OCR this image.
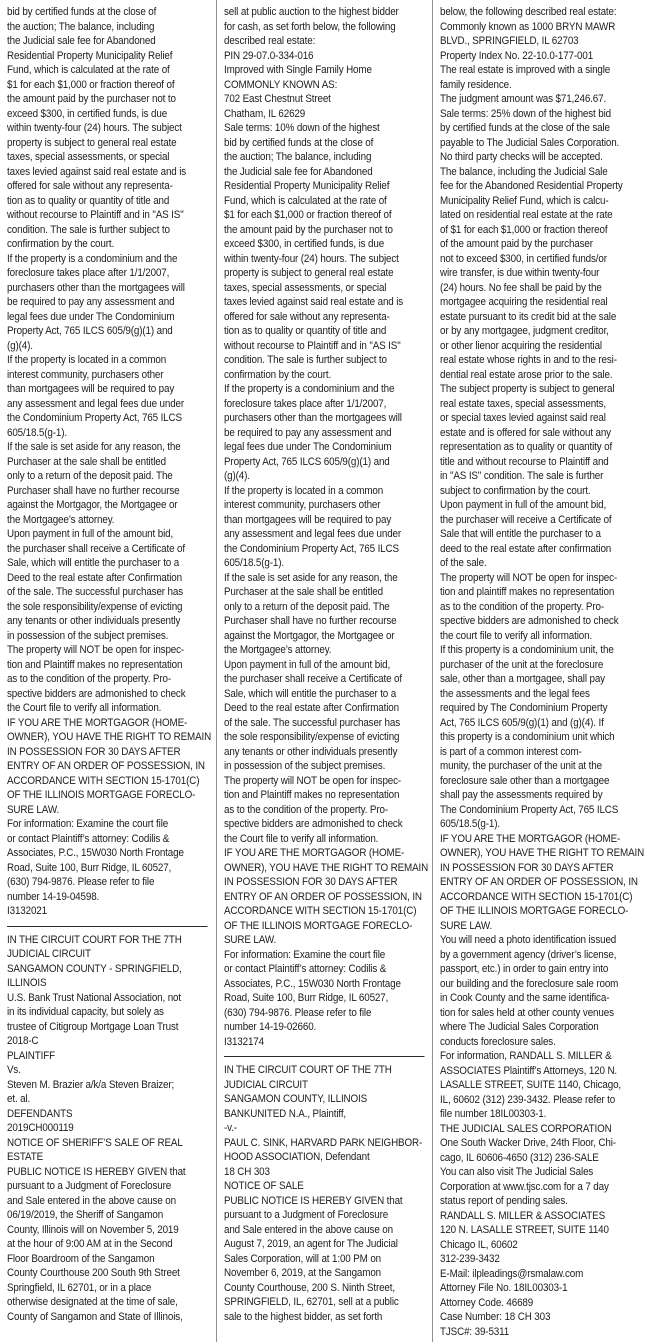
bid by certified funds at the close of
the auction; The balance, including
the Judicial sale fee for Abandoned
Residential Property Municipality Relief
Fund, which is calculated at the rate of
$1 for each $1,000 or fraction thereof of
the amount paid by the purchaser not to
exceed $300, in certified funds, is due
within twenty-four (24) hours. The subject
property is subject to general real estate
taxes, special assessments, or special
taxes levied against said real estate and is
offered for sale without any representa-
tion as to quality or quantity of title and
without recourse to Plaintiff and in "AS IS"
condition. The sale is further subject to
confirmation by the court.
If the property is a condominium and the
foreclosure takes place after 1/1/2007,
purchasers other than the mortgagees will
be required to pay any assessment and
legal fees due under The Condominium
Property Act, 765 ILCS 605/9(g)(1) and
(g)(4).
If the property is located in a common
interest community, purchasers other
than mortgagees will be required to pay
any assessment and legal fees due under
the Condominium Property Act, 765 ILCS
605/18.5(g-1).
If the sale is set aside for any reason, the
Purchaser at the sale shall be entitled
only to a return of the deposit paid. The
Purchaser shall have no further recourse
against the Mortgagor, the Mortgagee or
the Mortgagee’s attorney.
Upon payment in full of the amount bid,
the purchaser shall receive a Certificate of
Sale, which will entitle the purchaser to a
Deed to the real estate after Confirmation
of the sale. The successful purchaser has
the sole responsibility/expense of evicting
any tenants or other individuals presently
in possession of the subject premises.
The property will NOT be open for inspec-
tion and Plaintiff makes no representation
as to the condition of the property. Pro-
spective bidders are admonished to check
the Court file to verify all information.
IF YOU ARE THE MORTGAGOR (HOME-
OWNER), YOU HAVE THE RIGHT TO REMAIN
IN POSSESSION FOR 30 DAYS AFTER
ENTRY OF AN ORDER OF POSSESSION, IN
ACCORDANCE WITH SECTION 15-1701(C)
OF THE ILLINOIS MORTGAGE FORECLO-
SURE LAW.
For information: Examine the court file
or contact Plaintiff’s attorney: Codilis &
Associates, P.C., 15W030 North Frontage
Road, Suite 100, Burr Ridge, IL 60527,
(630) 794-9876. Please refer to file
number 14-19-04598.
I3132021
IN THE CIRCUIT COURT FOR THE 7TH
JUDICIAL CIRCUIT
SANGAMON COUNTY - SPRINGFIELD,
ILLINOIS
U.S. Bank Trust National Association, not
in its individual capacity, but solely as
trustee of Citigroup Mortgage Loan Trust
2018-C
PLAINTIFF
Vs.
Steven M. Brazier a/k/a Steven Braizer;
et. al.
DEFENDANTS
2019CH000119
NOTICE OF SHERIFF’S SALE OF REAL
ESTATE
PUBLIC NOTICE IS HEREBY GIVEN that
pursuant to a Judgment of Foreclosure
and Sale entered in the above cause on
06/19/2019, the Sheriff of Sangamon
County, Illinois will on November 5, 2019
at the hour of 9:00 AM at in the Second
Floor Boardroom of the Sangamon
County Courthouse 200 South 9th Street
Springfield, IL 62701, or in a place
otherwise designated at the time of sale,
County of Sangamon and State of Illinois,
sell at public auction to the highest bidder
for cash, as set forth below, the following
described real estate:
PIN 29-07.0-334-016
Improved with Single Family Home
COMMONLY KNOWN AS:
702 East Chestnut Street
Chatham, IL 62629
Sale terms: 10% down of the highest
bid by certified funds at the close of
the auction; The balance, including
the Judicial sale fee for Abandoned
Residential Property Municipality Relief
Fund, which is calculated at the rate of
$1 for each $1,000 or fraction thereof of
the amount paid by the purchaser not to
exceed $300, in certified funds, is due
within twenty-four (24) hours. The subject
property is subject to general real estate
taxes, special assessments, or special
taxes levied against said real estate and is
offered for sale without any representa-
tion as to quality or quantity of title and
without recourse to Plaintiff and in "AS IS"
condition. The sale is further subject to
confirmation by the court.
If the property is a condominium and the
foreclosure takes place after 1/1/2007,
purchasers other than the mortgagees will
be required to pay any assessment and
legal fees due under The Condominium
Property Act, 765 ILCS 605/9(g)(1) and
(g)(4).
If the property is located in a common
interest community, purchasers other
than mortgagees will be required to pay
any assessment and legal fees due under
the Condominium Property Act, 765 ILCS
605/18.5(g-1).
If the sale is set aside for any reason, the
Purchaser at the sale shall be entitled
only to a return of the deposit paid. The
Purchaser shall have no further recourse
against the Mortgagor, the Mortgagee or
the Mortgagee’s attorney.
Upon payment in full of the amount bid,
the purchaser shall receive a Certificate of
Sale, which will entitle the purchaser to a
Deed to the real estate after Confirmation
of the sale. The successful purchaser has
the sole responsibility/expense of evicting
any tenants or other individuals presently
in possession of the subject premises.
The property will NOT be open for inspec-
tion and Plaintiff makes no representation
as to the condition of the property. Pro-
spective bidders are admonished to check
the Court file to verify all information.
IF YOU ARE THE MORTGAGOR (HOME-
OWNER), YOU HAVE THE RIGHT TO REMAIN
IN POSSESSION FOR 30 DAYS AFTER
ENTRY OF AN ORDER OF POSSESSION, IN
ACCORDANCE WITH SECTION 15-1701(C)
OF THE ILLINOIS MORTGAGE FORECLO-
SURE LAW.
For information: Examine the court file
or contact Plaintiff’s attorney: Codilis &
Associates, P.C., 15W030 North Frontage
Road, Suite 100, Burr Ridge, IL 60527,
(630) 794-9876. Please refer to file
number 14-19-02660.
I3132174
IN THE CIRCUIT COURT OF THE 7TH
JUDICIAL CIRCUIT
SANGAMON COUNTY, ILLINOIS
BANKUNITED N.A., Plaintiff,
-v.-
PAUL C. SINK, HARVARD PARK NEIGHBOR-
HOOD ASSOCIATION, Defendant
18 CH 303
NOTICE OF SALE
PUBLIC NOTICE IS HEREBY GIVEN that
pursuant to a Judgment of Foreclosure
and Sale entered in the above cause on
August 7, 2019, an agent for The Judicial
Sales Corporation, will at 1:00 PM on
November 6, 2019, at the Sangamon
County Courthouse, 200 S. Ninth Street,
SPRINGFIELD, IL, 62701, sell at a public
sale to the highest bidder, as set forth
below, the following described real estate:
Commonly known as 1000 BRYN MAWR
BLVD., SPRINGFIELD, IL 62703
Property Index No. 22-10.0-177-001
The real estate is improved with a single
family residence.
The judgment amount was $71,246.67.
Sale terms: 25% down of the highest bid
by certified funds at the close of the sale
payable to The Judicial Sales Corporation.
No third party checks will be accepted.
The balance, including the Judicial Sale
fee for the Abandoned Residential Property
Municipality Relief Fund, which is calcu-
lated on residential real estate at the rate
of $1 for each $1,000 or fraction thereof
of the amount paid by the purchaser
not to exceed $300, in certified funds/or
wire transfer, is due within twenty-four
(24) hours. No fee shall be paid by the
mortgagee acquiring the residential real
estate pursuant to its credit bid at the sale
or by any mortgagee, judgment creditor,
or other lienor acquiring the residential
real estate whose rights in and to the resi-
dential real estate arose prior to the sale.
The subject property is subject to general
real estate taxes, special assessments,
or special taxes levied against said real
estate and is offered for sale without any
representation as to quality or quantity of
title and without recourse to Plaintiff and
in "AS IS" condition. The sale is further
subject to confirmation by the court.
Upon payment in full of the amount bid,
the purchaser will receive a Certificate of
Sale that will entitle the purchaser to a
deed to the real estate after confirmation
of the sale.
The property will NOT be open for inspec-
tion and plaintiff makes no representation
as to the condition of the property. Pro-
spective bidders are admonished to check
the court file to verify all information.
If this property is a condominium unit, the
purchaser of the unit at the foreclosure
sale, other than a mortgagee, shall pay
the assessments and the legal fees
required by The Condominium Property
Act, 765 ILCS 605/9(g)(1) and (g)(4). If
this property is a condominium unit which
is part of a common interest com-
munity, the purchaser of the unit at the
foreclosure sale other than a mortgagee
shall pay the assessments required by
The Condominium Property Act, 765 ILCS
605/18.5(g-1).
IF YOU ARE THE MORTGAGOR (HOME-
OWNER), YOU HAVE THE RIGHT TO REMAIN
IN POSSESSION FOR 30 DAYS AFTER
ENTRY OF AN ORDER OF POSSESSION, IN
ACCORDANCE WITH SECTION 15-1701(C)
OF THE ILLINOIS MORTGAGE FORECLO-
SURE LAW.
You will need a photo identification issued
by a government agency (driver’s license,
passport, etc.) in order to gain entry into
our building and the foreclosure sale room
in Cook County and the same identifica-
tion for sales held at other county venues
where The Judicial Sales Corporation
conducts foreclosure sales.
For information, RANDALL S. MILLER &
ASSOCIATES Plaintiff’s Attorneys, 120 N.
LASALLE STREET, SUITE 1140, Chicago,
IL, 60602 (312) 239-3432. Please refer to
file number 18IL00303-1.
THE JUDICIAL SALES CORPORATION
One South Wacker Drive, 24th Floor, Chi-
cago, IL 60606-4650 (312) 236-SALE
You can also visit The Judicial Sales
Corporation at www.tjsc.com for a 7 day
status report of pending sales.
RANDALL S. MILLER & ASSOCIATES
120 N. LASALLE STREET, SUITE 1140
Chicago IL, 60602
312-239-3432
E-Mail: ilpleadings@rsmalaw.com
Attorney File No. 18IL00303-1
Attorney Code. 46689
Case Number: 18 CH 303
TJSC#: 39-5311
